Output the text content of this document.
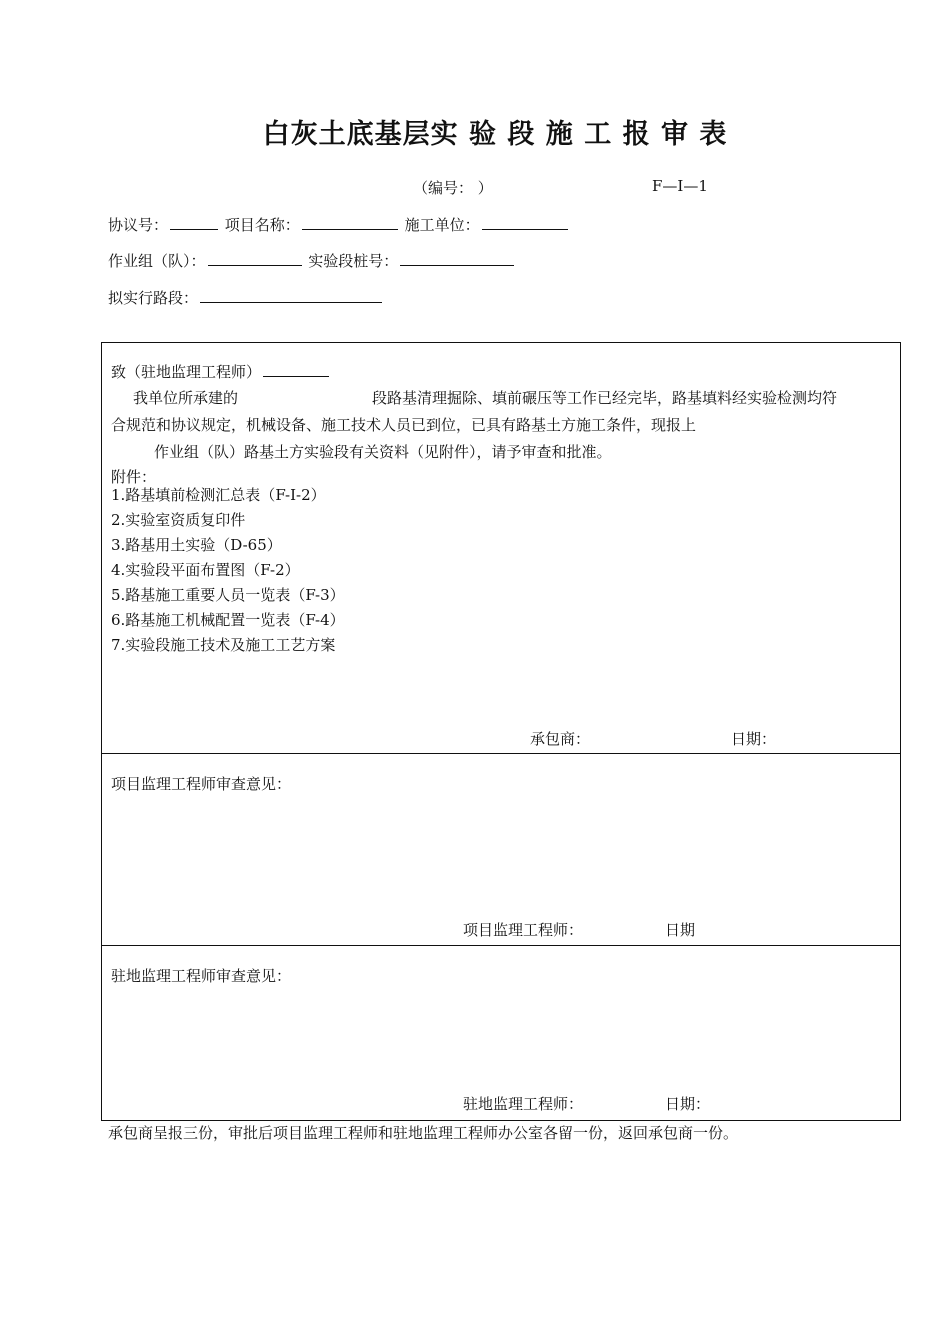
白灰土底基层实 验 段 施 工 报 审 表
（编号： ）	F—Ⅰ—1
协议号：	项目名称：	施工单位：
作业组（队）：	实验段桩号：
拟实行路段：
致（驻地监理工程师）
我单位所承建的	段路基清理掘除、填前碾压等工作已经完毕，路基填料经实验检测均符
合规范和协议规定，机械设备、施工技术人员已到位，已具有路基土方施工条件，现报上
作业组（队）路基土方实验段有关资料（见附件），请予审查和批准。
附件：
1.路基填前检测汇总表（F-Ⅰ-2）
2.实验室资质复印件
3.路基用土实验（D-65）
4.实验段平面布置图（F-2）
5.路基施工重要人员一览表（F-3）
6.路基施工机械配置一览表（F-4）
7.实验段施工技术及施工工艺方案
承包商：	日期：
项目监理工程师审查意见：
项目监理工程师：	日期
驻地监理工程师审查意见：
驻地监理工程师：	日期：
承包商呈报三份，审批后项目监理工程师和驻地监理工程师办公室各留一份，返回承包商一份。
